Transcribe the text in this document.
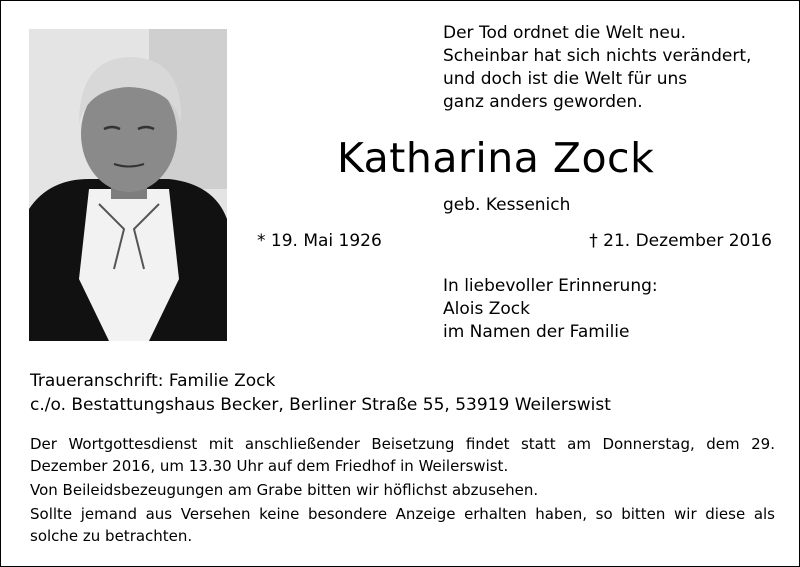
Der Tod ordnet die Welt neu.
Scheinbar hat sich nichts verändert,
und doch ist die Welt für uns
ganz anders geworden.
Katharina Zock
geb. Kessenich
* 19. Mai 1926	† 21. Dezember 2016
In liebevoller Erinnerung:
Alois Zock
im Namen der Familie
Traueranschrift: Familie Zock
c./o. Bestattungshaus Becker, Berliner Straße 55, 53919 Weilerswist

Der Wortgottesdienst mit anschließender Beisetzung findet statt am Donnerstag, dem 29. Dezember 2016, um 13.30 Uhr auf dem Friedhof in Weilerswist.

Von Beileidsbezeugungen am Grabe bitten wir höflichst abzusehen.

Sollte jemand aus Versehen keine besondere Anzeige erhalten haben, so bitten wir diese als solche zu betrachten.
